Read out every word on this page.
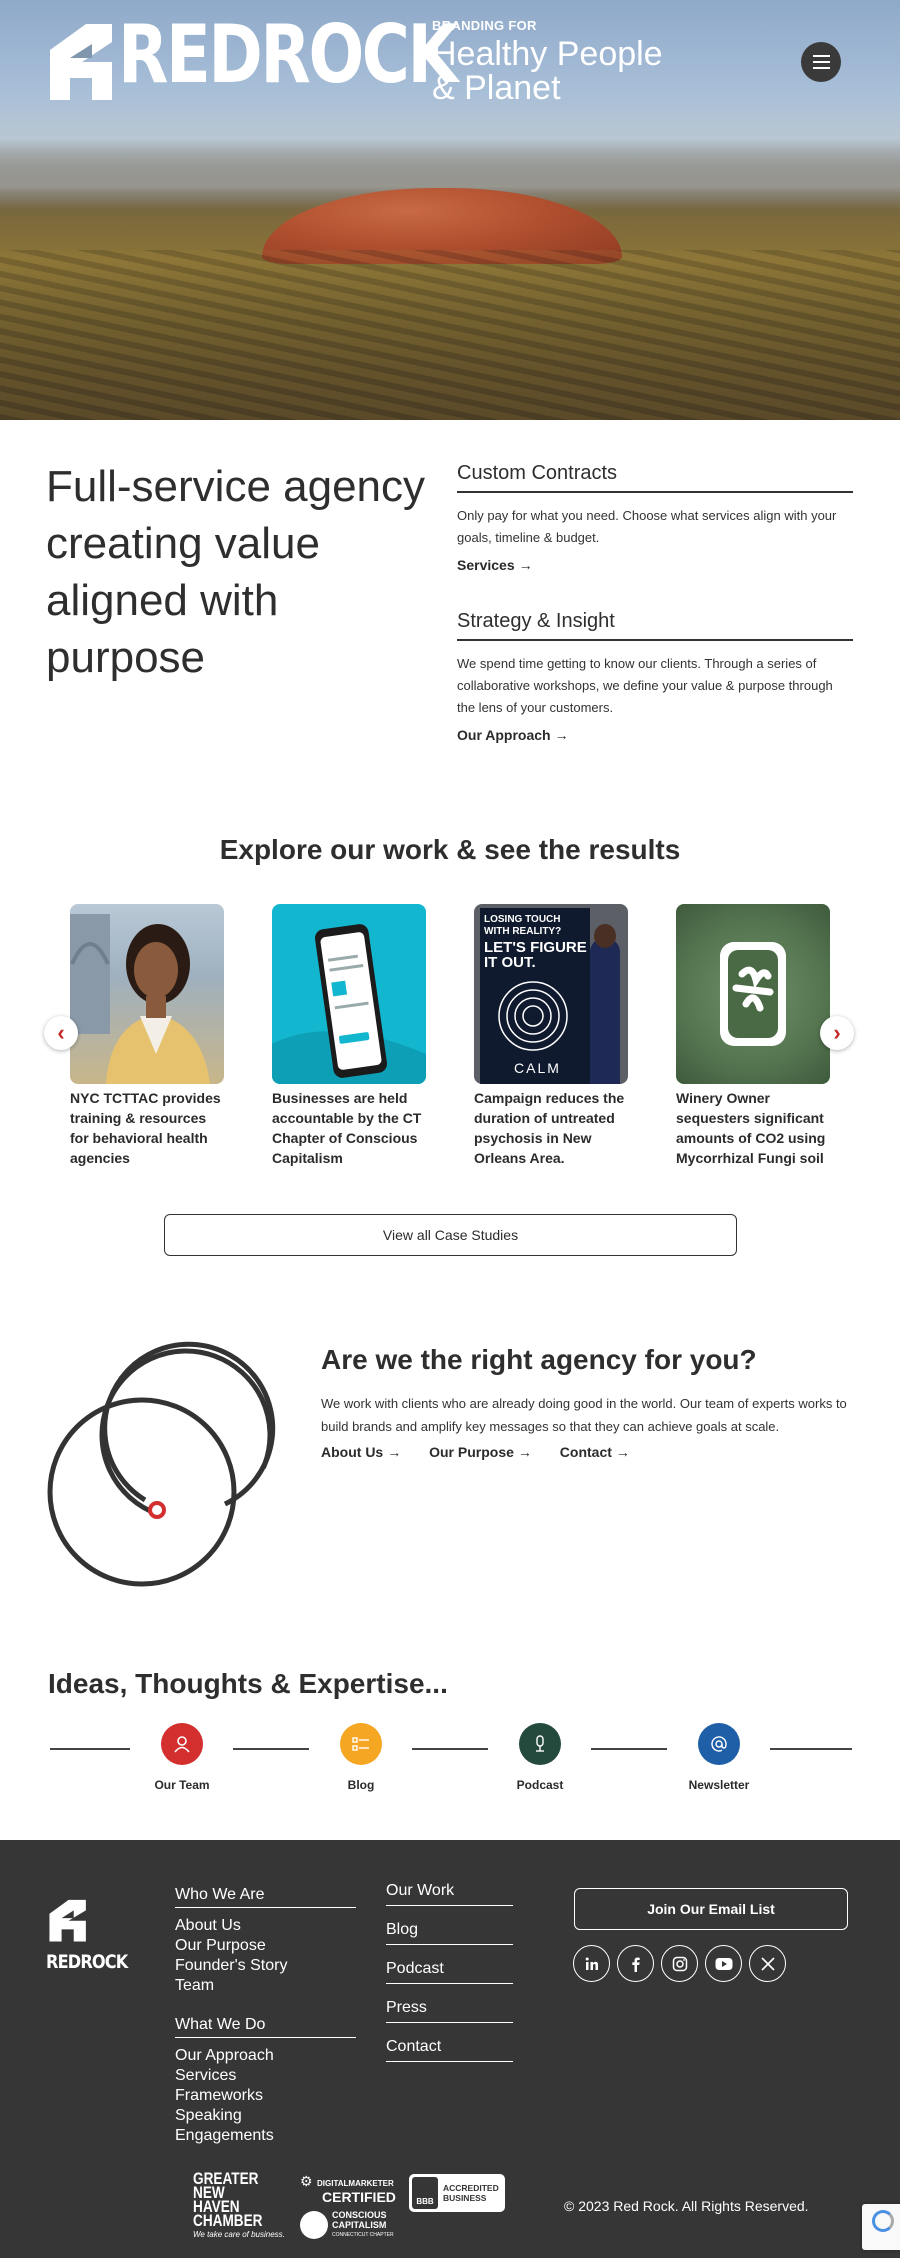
REDROCK
BRANDING FOR
Healthy People
& Planet
Full-service agency creating value aligned with purpose
Custom Contracts

Only pay for what you need. Choose what services align with your goals, timeline & budget.

Services →
Strategy & Insight

We spend time getting to know our clients. Through a series of collaborative workshops, we define your value & purpose through the lens of your customers.

Our Approach →
Explore our work & see the results
NYC TCTTAC provides training & resources for behavioral health agencies
Businesses are held accountable by the CT Chapter of Conscious Capitalism
LOSING TOUCH WITH REALITY?
LET'S FIGURE IT OUT.
CALM
Campaign reduces the duration of untreated psychosis in New Orleans Area.
Winery Owner sequesters significant amounts of CO2 using Mycorrhizal Fungi soil
‹	›
View all Case Studies
Are we the right agency for you?

We work with clients who are already doing good in the world. Our team of experts works to build brands and amplify key messages so that they can achieve goals at scale.

About Us → Our Purpose → Contact →
Ideas, Thoughts & Expertise...
Our Team	Blog	Podcast	Newsletter
REDROCK
Who We Are
About Us
Our Purpose
Founder's Story
Team
What We Do
Our Approach
Services
Frameworks
Speaking
Engagements
Our Work
Blog
Podcast
Press
Contact
Join Our Email List
GREATER
NEW HAVEN
CHAMBER
We take care of business.
⚙ DIGITALMARKETER
CERTIFIED
CONSCIOUS
CAPITALISM
CONNECTICUT CHAPTER
BBB
ACCREDITED
BUSINESS	© 2023 Red Rock. All Rights Reserved.
